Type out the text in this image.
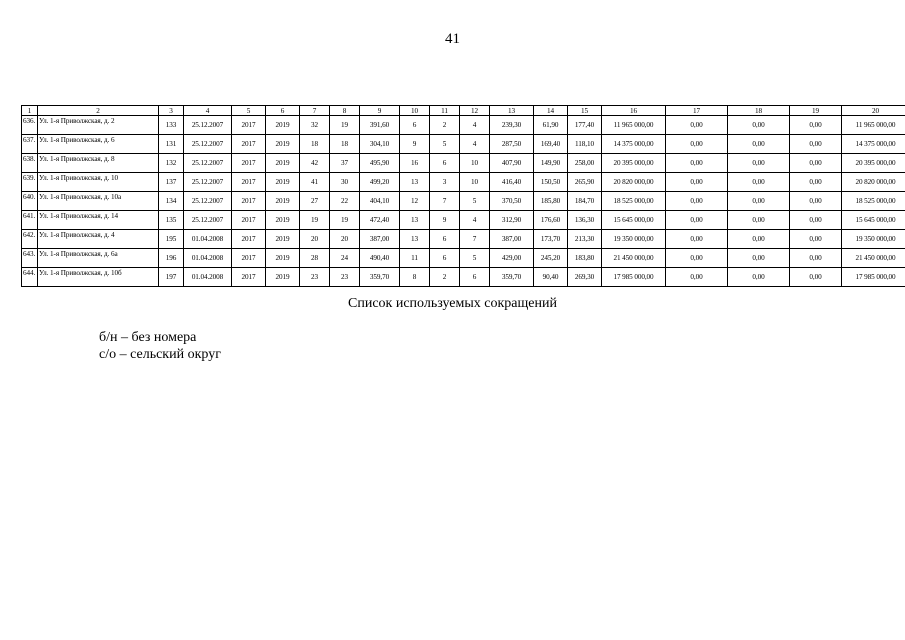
41
1	2	3	4	5	6	7	8	9	10	11	12	13	14	15	16	17	18	19	20
636.	Ул. 1-я Приволжская, д. 2	133	25.12.2007	2017	2019	32	19	391,60	6	2	4	239,30	61,90	177,40	11 965 000,00	0,00	0,00	0,00	11 965 000,00
637.	Ул. 1-я Приволжская, д. 6	131	25.12.2007	2017	2019	18	18	304,10	9	5	4	287,50	169,40	118,10	14 375 000,00	0,00	0,00	0,00	14 375 000,00
638.	Ул. 1-я Приволжская, д. 8	132	25.12.2007	2017	2019	42	37	495,90	16	6	10	407,90	149,90	258,00	20 395 000,00	0,00	0,00	0,00	20 395 000,00
639.	Ул. 1-я Приволжская, д. 10	137	25.12.2007	2017	2019	41	30	499,20	13	3	10	416,40	150,50	265,90	20 820 000,00	0,00	0,00	0,00	20 820 000,00
640.	Ул. 1-я Приволжская, д. 10а	134	25.12.2007	2017	2019	27	22	404,10	12	7	5	370,50	185,80	184,70	18 525 000,00	0,00	0,00	0,00	18 525 000,00
641.	Ул. 1-я Приволжская, д. 14	135	25.12.2007	2017	2019	19	19	472,40	13	9	4	312,90	176,60	136,30	15 645 000,00	0,00	0,00	0,00	15 645 000,00
642.	Ул. 1-я Приволжская, д. 4	195	01.04.2008	2017	2019	20	20	387,00	13	6	7	387,00	173,70	213,30	19 350 000,00	0,00	0,00	0,00	19 350 000,00
643.	Ул. 1-я Приволжская, д. 6а	196	01.04.2008	2017	2019	28	24	490,40	11	6	5	429,00	245,20	183,80	21 450 000,00	0,00	0,00	0,00	21 450 000,00
644.	Ул. 1-я Приволжская, д. 10б	197	01.04.2008	2017	2019	23	23	359,70	8	2	6	359,70	90,40	269,30	17 985 000,00	0,00	0,00	0,00	17 985 000,00
Список используемых сокращений
б/н – без номера
с/о – сельский округ
